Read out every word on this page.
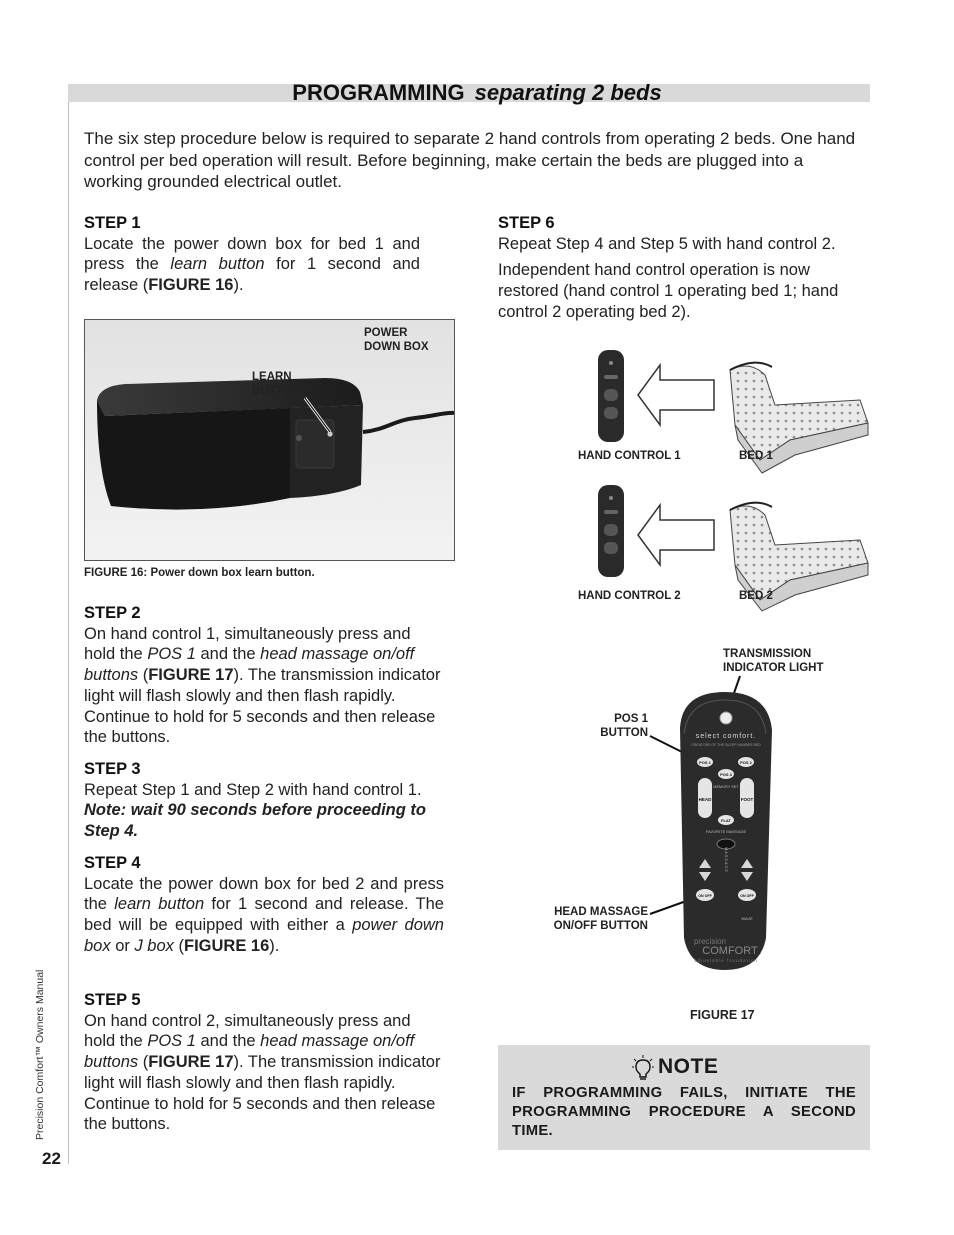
PROGRAMMING separating 2 beds
The six step procedure below is required to separate 2 hand controls from operating 2 beds. One hand control per bed operation will result. Before beginning, make certain the beds are plugged into a working grounded electrical outlet.
STEP 1
Locate the power down box for bed 1 and press the learn button for 1 second and release (FIGURE 16).
POWER
DOWN BOX
LEARN
BUTTON
FIGURE 16: Power down box learn button.
STEP 2
On hand control 1, simultaneously press and hold the POS 1 and the head massage on/off buttons (FIGURE 17). The transmission indicator light will flash slowly and then flash rapidly. Continue to hold for 5 seconds and then release the buttons.
STEP 3
Repeat Step 1 and Step 2 with hand control 1.
Note: wait 90 seconds before proceeding to Step 4.
STEP 4
Locate the power down box for bed 2 and press the learn button for 1 second and release. The bed will be equipped with either a power down box or J box (FIGURE 16).
STEP 5
On hand control 2, simultaneously press and hold the POS 1 and the head massage on/off buttons (FIGURE 17). The transmission indicator light will flash slowly and then flash rapidly. Continue to hold for 5 seconds and then release the buttons.
STEP 6
Repeat Step 4 and Step 5 with hand control 2.
Independent hand control operation is now restored (hand control 1 operating bed 1; hand control 2 operating bed 2).
HAND CONTROL 1	BED 1
HAND CONTROL 2	BED 2
TRANSMISSION
INDICATOR LIGHT
POS 1
BUTTON
HEAD MASSAGE
ON/OFF BUTTON
select comfort.
CREATORS OF THE SLEEP NUMBER BED
POS 1	POS 2
POS 3
MEMORY SET
HEAD	FOOT
FLAT
FAVORITE MASSAGE
MASSAGE
ON OFF	ON OFF
WAVE
precision
COMFORT
adjustable foundation
FIGURE 17
NOTE
IF PROGRAMMING FAILS, INITIATE THE PROGRAMMING PROCEDURE A SECOND TIME.
Precision Comfort™ Owners Manual
22
